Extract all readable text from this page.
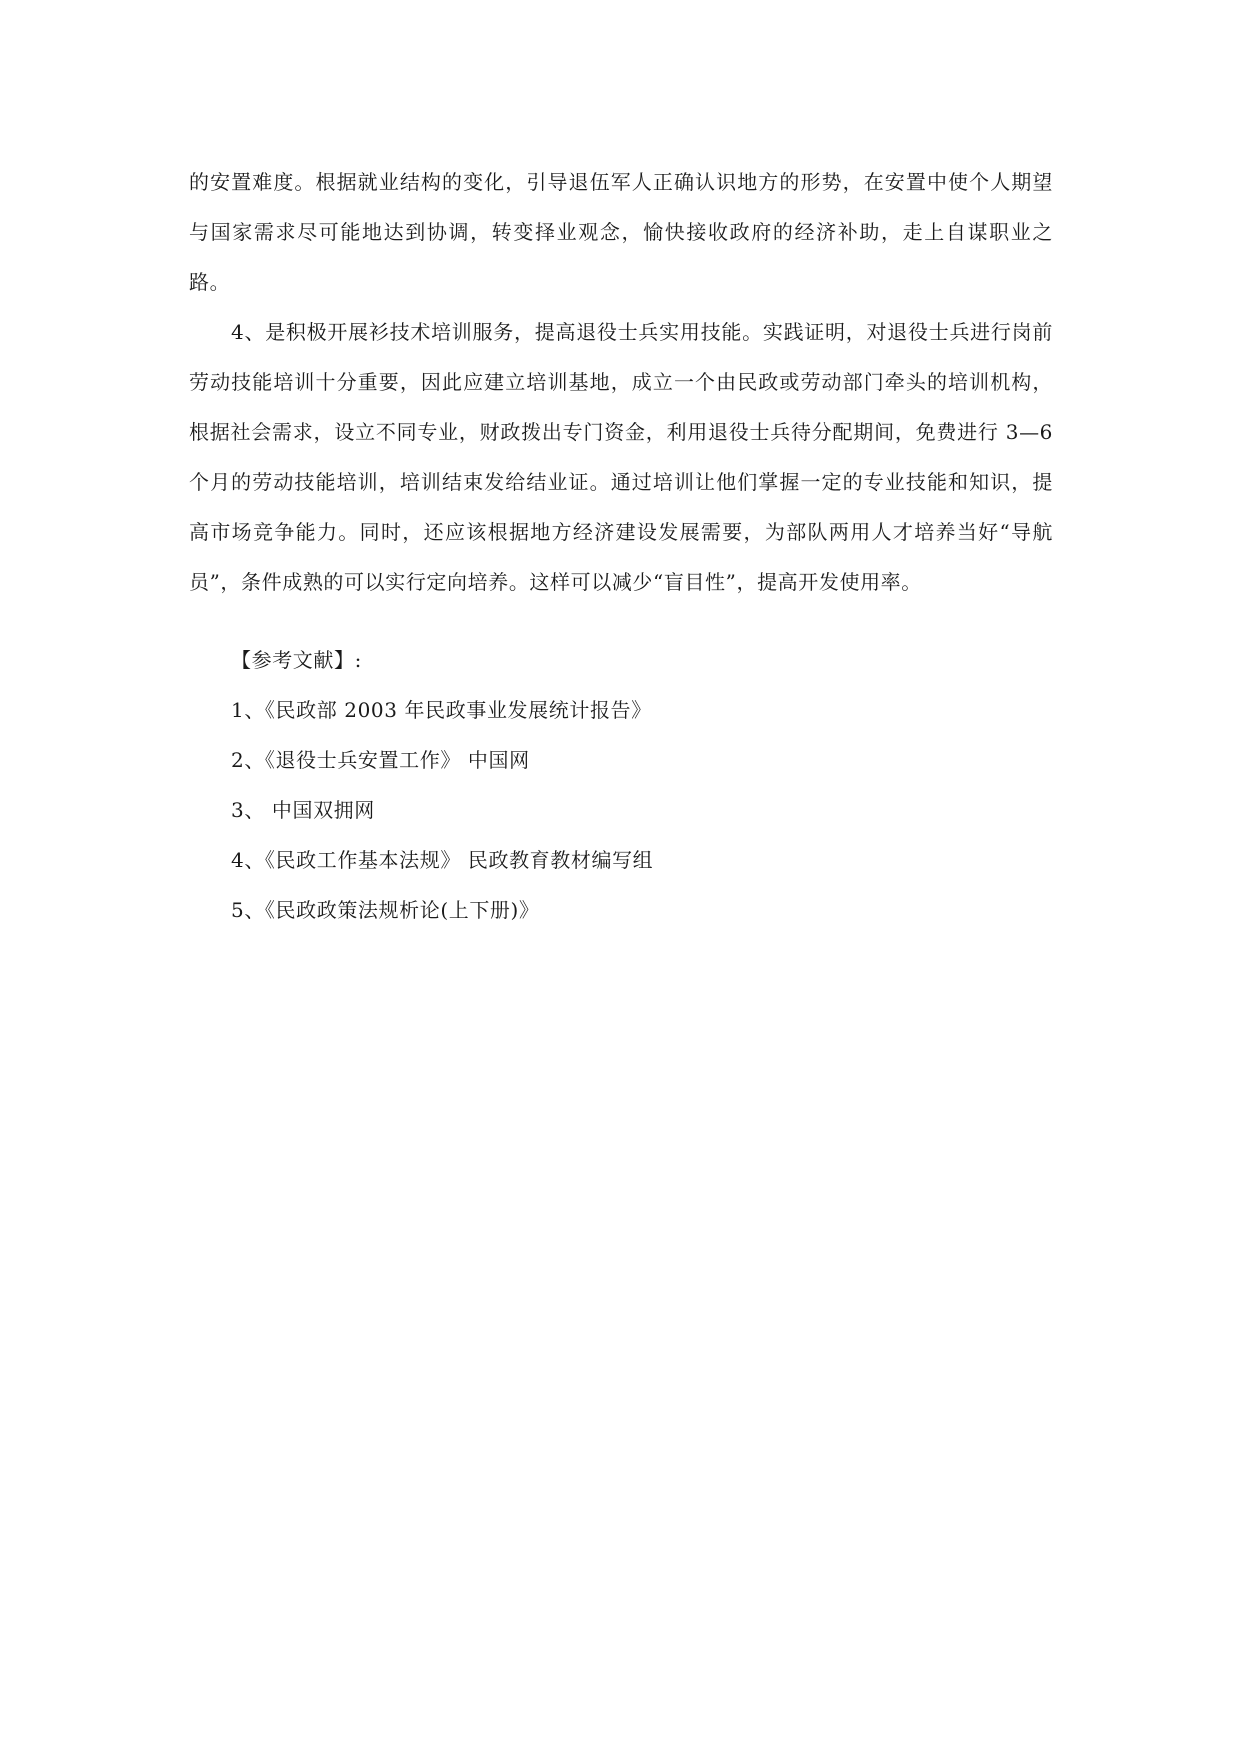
的安置难度。根据就业结构的变化，引导退伍军人正确认识地方的形势，在安置中使个人期望与国家需求尽可能地达到协调，转变择业观念，愉快接收政府的经济补助，走上自谋职业之路。

4、是积极开展衫技术培训服务，提高退役士兵实用技能。实践证明，对退役士兵进行岗前劳动技能培训十分重要，因此应建立培训基地，成立一个由民政或劳动部门牵头的培训机构，根据社会需求，设立不同专业，财政拨出专门资金，利用退役士兵待分配期间，免费进行 3—6 个月的劳动技能培训，培训结束发给结业证。通过培训让他们掌握一定的专业技能和知识，提高市场竞争能力。同时，还应该根据地方经济建设发展需要，为部队两用人才培养当好“导航员”，条件成熟的可以实行定向培养。这样可以减少“盲目性”，提高开发使用率。

【参考文献】:

1、《民政部 2003 年民政事业发展统计报告》
2、《退役士兵安置工作》 中国网
3、 中国双拥网
4、《民政工作基本法规》 民政教育教材编写组
5、《民政政策法规析论(上下册)》
